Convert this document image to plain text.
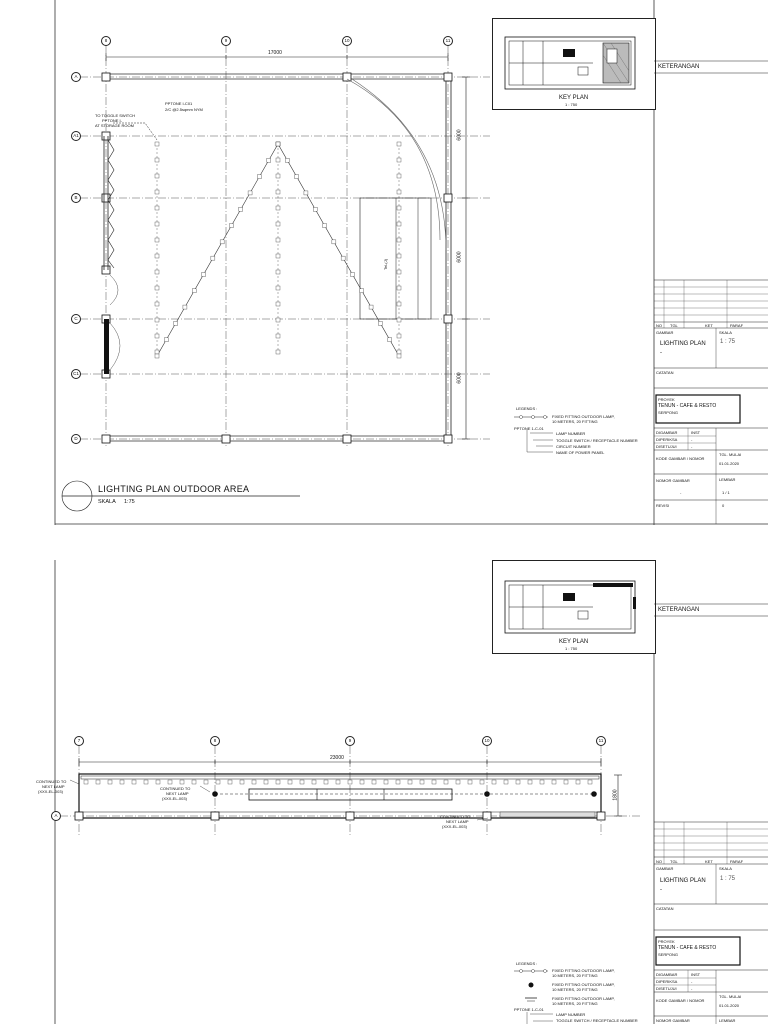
8	9	10	11
A
A1
B
C
C1
D
17000
6000
6000
6000
TO TOGGLE SWITCH
PPTONE I-
AT STORAGE ROOM
PPTONE I-C01
2/C @2.5sqmm NYM
Tel-(J)
LIGHTING PLAN OUTDOOR AREA
SKALA 1:75
LEGENDS :
FIXED FITTING OUTDOOR LAMP,
10 METERS, 20 FITTING
PPTONE 1-C-01
LAMP NUMBER
TOGGLE SWITCH / RECEPTACLE NUMBER
CIRCUIT NUMBER
NAME OF POWER PANEL
KEY PLAN
1 : 750
KETERANGAN
NO TGL	KET	PARAF
GAMBAR	SKALA
LIGHTING PLAN
-
1 : 75
CATATAN
PROYEK
TENUN - CAFE & RESTO
SERPONG
DIGAMBAR	INST
DIPERIKSA	-
DISETUJUI	-
KODE GAMBAR / NOMOR
TGL. MULAI
01.01.2020
NOMOR GAMBAR
-
LEMBAR
1 / 1
REVISI	0
7	8	9	10	11
A
23000
1800
CONTINUED TO
NEXT LAMP
(XXX-EL-003)
CONTINUED TO
NEXT LAMP
(XXX-EL-003)
CONTINUED TO
NEXT LAMP
(XXX-EL-003)
LEGENDS :
FIXED FITTING OUTDOOR LAMP,
10 METERS, 20 FITTING
FIXED FITTING OUTDOOR LAMP,
10 METERS, 20 FITTING
FIXED FITTING OUTDOOR LAMP,
10 METERS, 20 FITTING
PPTONE 1-C-01
LAMP NUMBER
TOGGLE SWITCH / RECEPTACLE NUMBER
KEY PLAN
1 : 750
KETERANGAN
NO TGL	KET	PARAF
GAMBAR	SKALA
LIGHTING PLAN
-
1 : 75
CATATAN
PROYEK
TENUN - CAFE & RESTO
SERPONG
DIGAMBAR	INST
DIPERIKSA	-
DISETUJUI	-
KODE GAMBAR / NOMOR
TGL. MULAI
01.01.2020
NOMOR GAMBAR	LEMBAR
